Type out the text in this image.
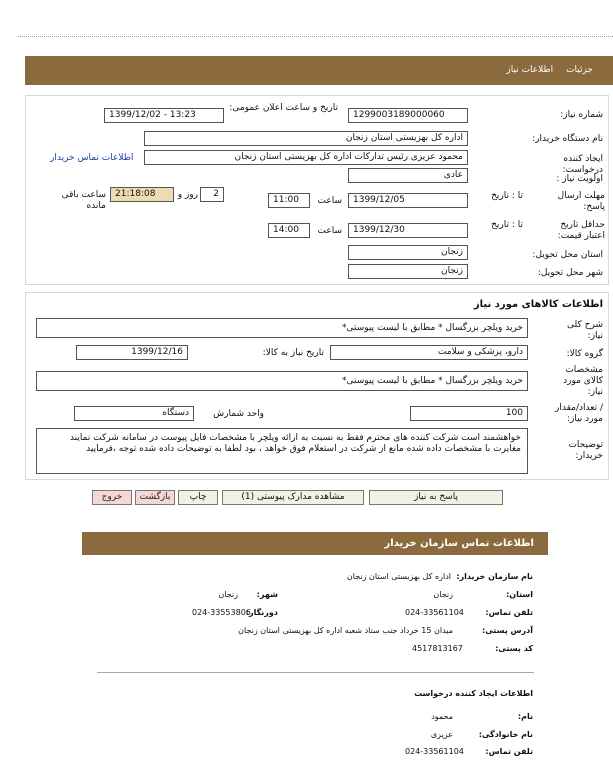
جزئیات اطلاعات نیاز
شماره نیاز:
1299003189000060
تاریخ و ساعت اعلان عمومی:
1399/12/02 - 13:23
نام دستگاه خریدار:
اداره کل بهزیستی استان زنجان
ایجاد کننده درخواست:
محمود عزیزی رئیس تدارکات اداره کل بهزیستی استان زنجان
اطلاعات تماس خریدار
اولویت نیاز :
عادی
مهلت ارسال پاسخ:
تا : تاریخ
1399/12/05
ساعت
11:00
2
روز و
21:18:08
ساعت باقی مانده
حداقل تاریخ اعتبار قیمت:
تا : تاریخ
1399/12/30
ساعت
14:00
استان محل تحویل:
زنجان
شهر محل تحویل:
زنجان
اطلاعات کالاهای مورد نیاز
شرح کلی نیاز:
خرید ویلچر بزرگسال * مطابق با لیست پیوستی*
گروه کالا:
دارو، پزشکی و سلامت
تاریخ نیاز به کالا:
1399/12/16
مشخصات کالای مورد نیاز:
خرید ویلچر بزرگسال * مطابق با لیست پیوستی*
/ تعداد/مقدار مورد نیاز:
100
واحد شمارش
دستگاه
توضیحات خریدار:
خواهشمند است شرکت کننده های محترم فقط به نسبت به ارائه ویلچر با مشخصات فایل پیوست در سامانه شرکت نمایند مغایرت با مشخصات داده شده مانع از شرکت در استعلام فوق خواهد ، بود لطفا به توضیحات داده شده توجه ،فرمایید
پاسخ به نیاز
مشاهده مدارک پیوستی (1)
چاپ
بازگشت
خروج
اطلاعات تماس سازمان خریدار
نام سازمان خریدار:
اداره کل بهزیستی استان زنجان
استان:
زنجان
شهر:
زنجان
تلفن تماس:
024-33561104
دورنگار:
024-33553806
آدرس پستی:
میدان 15 خرداد جنب ستاد شعبه اداره کل بهزیستی استان زنجان
کد پستی:
4517813167
اطلاعات ایجاد کننده درخواست
نام:
محمود
نام خانوادگی:
عزیزی
تلفن تماس:
024-33561104
